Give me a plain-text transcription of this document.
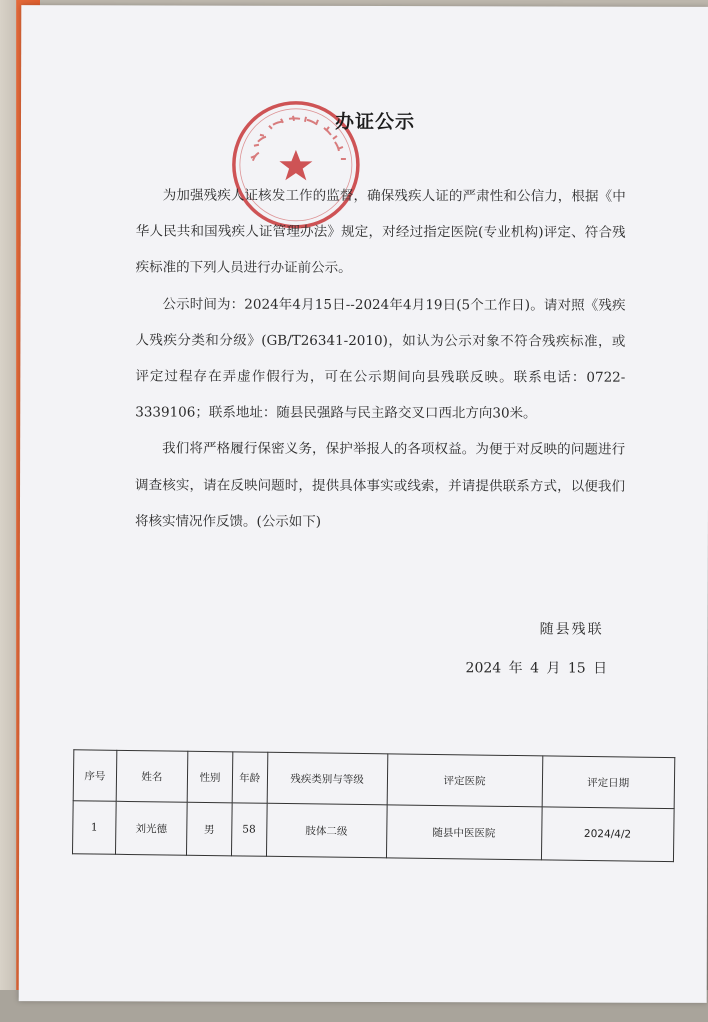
办证公示

为加强残疾人证核发工作的监督，确保残疾人证的严肃性和公信力，根据《中华人民共和国残疾人证管理办法》规定，对经过指定医院(专业机构)评定、符合残疾标准的下列人员进行办证前公示。

公示时间为：2024年4月15日--2024年4月19日(5个工作日)。请对照《残疾人残疾分类和分级》(GB/T26341-2010)，如认为公示对象不符合残疾标准，或评定过程存在弄虚作假行为，可在公示期间向县残联反映。联系电话：0722-3339106；联系地址：随县民强路与民主路交叉口西北方向30米。

我们将严格履行保密义务，保护举报人的各项权益。为便于对反映的问题进行调查核实，请在反映问题时，提供具体事实或线索，并请提供联系方式，以便我们将核实情况作反馈。(公示如下)

随县残联
2024 年 4 月 15 日
序号	姓名	性别	年龄	残疾类别与等级	评定医院	评定日期
1	刘光德	男	58	肢体二级	随县中医医院	2024/4/2
